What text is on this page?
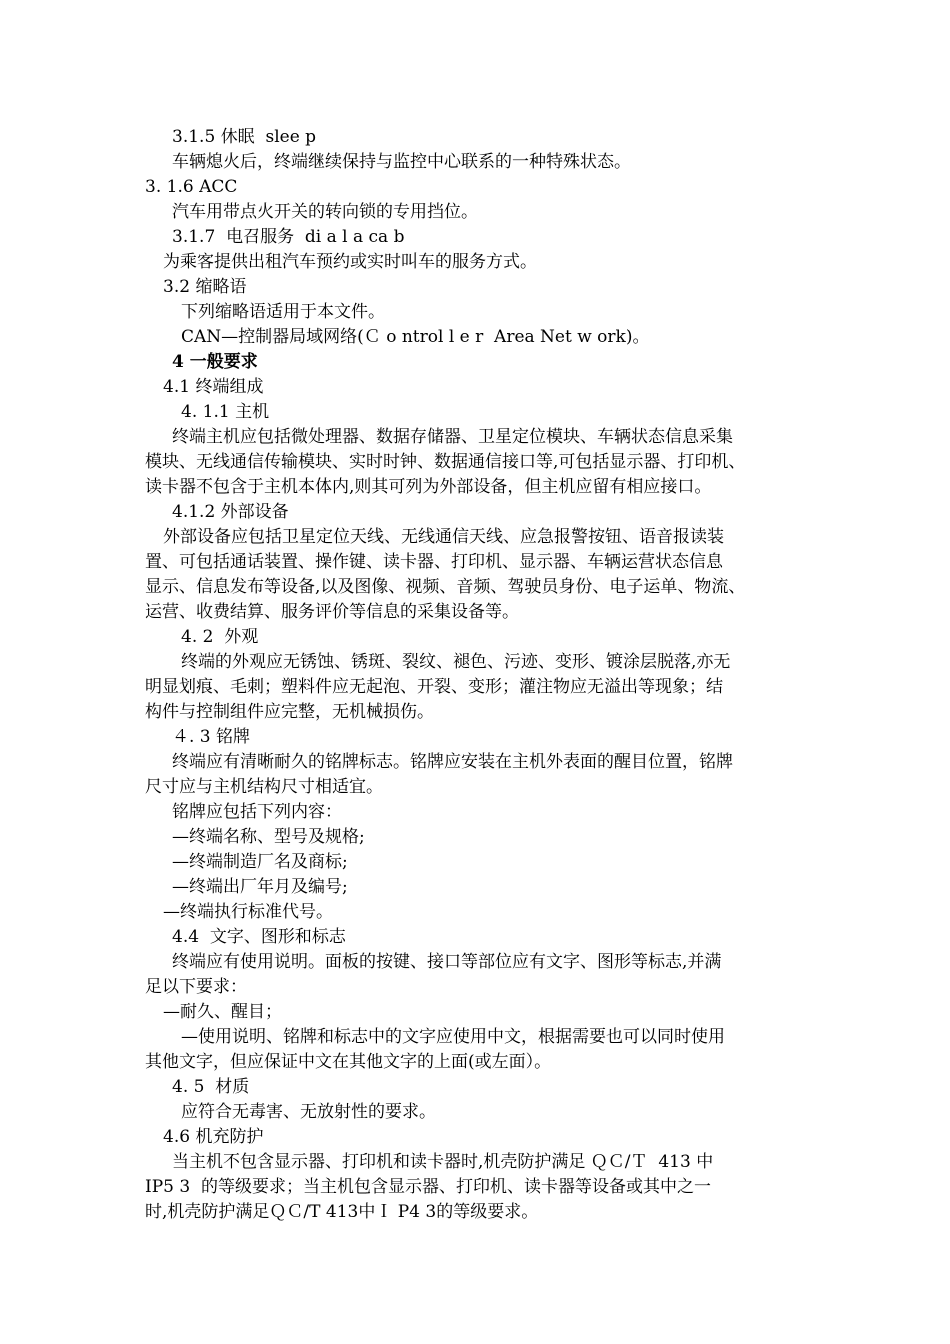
3.1.5 休眠  slee p
车辆熄火后，终端继续保持与监控中心联系的一种特殊状态。
3. 1.6 ACC
汽车用带点火开关的转向锁的专用挡位。
3.1.7  电召服务  di a l a ca b
为乘客提供出租汽车预约或实时叫车的服务方式。
3.2 缩略语
下列缩略语适用于本文件。
CAN—控制器局域网络(Ｃ o ntrol l e r  Area Net w ork)。
4 一般要求
4.1 终端组成
4. 1.1 主机
终端主机应包括微处理器、数据存储器、卫星定位模块、车辆状态信息采集
模块、无线通信传输模块、实时时钟、数据通信接口等,可包括显示器、打印机、
读卡器不包含于主机本体内,则其可列为外部设备，但主机应留有相应接口。
4.1.2 外部设备
外部设备应包括卫星定位天线、无线通信天线、应急报警按钮、语音报读装
置、可包括通话装置、操作键、读卡器、打印机、显示器、车辆运营状态信息
显示、信息发布等设备,以及图像、视频、音频、驾驶员身份、电子运单、物流、
运营、收费结算、服务评价等信息的采集设备等。
4. 2  外观
终端的外观应无锈蚀、锈斑、裂纹、褪色、污迹、变形、镀涂层脱落,亦无
明显划痕、毛刺；塑料件应无起泡、开裂、变形；灌注物应无溢出等现象；结
构件与控制组件应完整，无机械损伤。
４. 3 铭牌
终端应有清晰耐久的铭牌标志。铭牌应安装在主机外表面的醒目位置，铭牌
尺寸应与主机结构尺寸相适宜。
铭牌应包括下列内容：
—终端名称、型号及规格;
—终端制造厂名及商标;
—终端出厂年月及编号;
—终端执行标准代号。
4.4  文字、图形和标志
终端应有使用说明。面板的按键、接口等部位应有文字、图形等标志,并满
足以下要求：
—耐久、醒目；
—使用说明、铭牌和标志中的文字应使用中文，根据需要也可以同时使用
其他文字，但应保证中文在其他文字的上面(或左面）。
4. 5  材质
应符合无毒害、无放射性的要求。
4.6 机充防护
当主机不包含显示器、打印机和读卡器时,机壳防护满足 ＱＣ/Ｔ  413 中
IP5 3  的等级要求；当主机包含显示器、打印机、读卡器等设备或其中之一
时,机壳防护满足ＱＣ/T 413中Ｉ P4 3的等级要求。
